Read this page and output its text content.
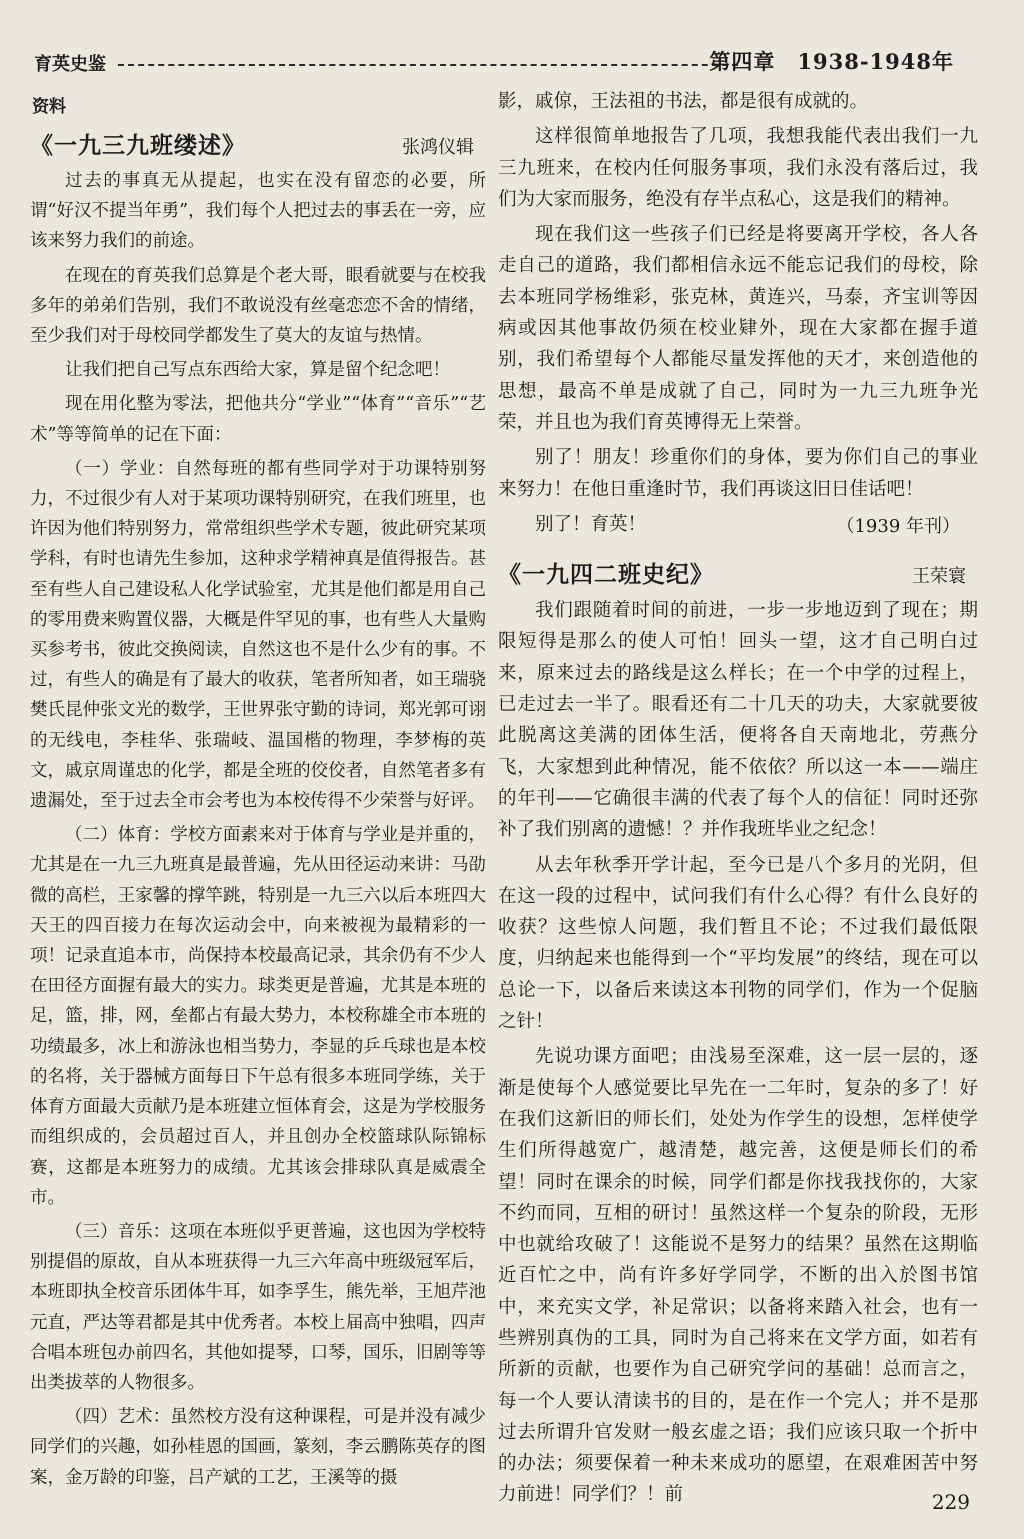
育英史鉴	第四章　1938-1948年
资料
《一九三九班缕述》	张鸿仪辑

过去的事真无从提起，也实在没有留恋的必要，所谓“好汉不提当年勇”，我们每个人把过去的事丢在一旁，应该来努力我们的前途。

在现在的育英我们总算是个老大哥，眼看就要与在校我多年的弟弟们告别，我们不敢说没有丝毫恋恋不舍的情绪，至少我们对于母校同学都发生了莫大的友谊与热情。

让我们把自己写点东西给大家，算是留个纪念吧！

现在用化整为零法，把他共分“学业”“体育”“音乐”“艺术”等等简单的记在下面：

（一）学业：自然每班的都有些同学对于功课特别努力，不过很少有人对于某项功课特别研究，在我们班里，也许因为他们特别努力，常常组织些学术专题，彼此研究某项学科，有时也请先生参加，这种求学精神真是值得报告。甚至有些人自己建设私人化学试验室，尤其是他们都是用自己的零用费来购置仪器，大概是件罕见的事，也有些人大量购买参考书，彼此交换阅读，自然这也不是什么少有的事。不过，有些人的确是有了最大的收获，笔者所知者，如王瑞骁樊氏昆仲张文光的数学，王世界张守勤的诗词，郑光郭可诩的无线电，李桂华、张瑞岐、温国楷的物理，李梦梅的英文，戚京周谨忠的化学，都是全班的佼佼者，自然笔者多有遗漏处，至于过去全市会考也为本校传得不少荣誉与好评。

（二）体育：学校方面素来对于体育与学业是并重的，尤其是在一九三九班真是最普遍，先从田径运动来讲：马劭微的高栏，王家馨的撑竿跳，特别是一九三六以后本班四大天王的四百接力在每次运动会中，向来被视为最精彩的一项！记录直追本市，尚保持本校最高记录，其余仍有不少人在田径方面握有最大的实力。球类更是普遍，尤其是本班的足，篮，排，网，垒都占有最大势力，本校称雄全市本班的功绩最多，冰上和游泳也相当势力，李显的乒乓球也是本校的名将，关于器械方面每日下午总有很多本班同学练，关于体育方面最大贡献乃是本班建立恒体育会，这是为学校服务而组织成的，会员超过百人，并且创办全校篮球队际锦标赛，这都是本班努力的成绩。尤其该会排球队真是威震全市。

（三）音乐：这项在本班似乎更普遍，这也因为学校特别提倡的原故，自从本班获得一九三六年高中班级冠军后，本班即执全校音乐团体牛耳，如李孚生，熊先举，王旭芹池元直，严达等君都是其中优秀者。本校上届高中独唱，四声合唱本班包办前四名，其他如提琴，口琴，国乐，旧剧等等出类拔萃的人物很多。

（四）艺术：虽然校方没有这种课程，可是并没有减少同学们的兴趣，如孙桂恩的国画，篆刻，李云鹏陈英存的图案，金万龄的印鉴，吕产斌的工艺，王溪等的摄

影，戚倞，王法祖的书法，都是很有成就的。

这样很简单地报告了几项，我想我能代表出我们一九三九班来，在校内任何服务事项，我们永没有落后过，我们为大家而服务，绝没有存半点私心，这是我们的精神。

现在我们这一些孩子们已经是将要离开学校，各人各走自己的道路，我们都相信永远不能忘记我们的母校，除去本班同学杨维彩，张克林，黄连兴，马泰，齐宝训等因病或因其他事故仍须在校业肄外，现在大家都在握手道别，我们希望每个人都能尽量发挥他的天才，来创造他的思想，最高不单是成就了自己，同时为一九三九班争光荣，并且也为我们育英博得无上荣誉。

别了！朋友！珍重你们的身体，要为你们自己的事业来努力！在他日重逢时节，我们再谈这旧日佳话吧！

别了！育英！	（1939 年刊）
《一九四二班史纪》	王荣寰

我们跟随着时间的前进，一步一步地迈到了现在；期限短得是那么的使人可怕！回头一望，这才自己明白过来，原来过去的路线是这么样长；在一个中学的过程上，已走过去一半了。眼看还有二十几天的功夫，大家就要彼此脱离这美满的团体生活，便将各自天南地北，劳燕分飞，大家想到此种情况，能不依依？所以这一本——端庄的年刊——它确很丰满的代表了每个人的信征！同时还弥补了我们别离的遗憾！？并作我班毕业之纪念！

从去年秋季开学计起，至今已是八个多月的光阴，但在这一段的过程中，试问我们有什么心得？有什么良好的收获？这些惊人问题，我们暂且不论；不过我们最低限度，归纳起来也能得到一个“平均发展”的终结，现在可以总论一下，以备后来读这本刊物的同学们，作为一个促脑之针！

先说功课方面吧；由浅易至深难，这一层一层的，逐渐是使每个人感觉要比早先在一二年时，复杂的多了！好在我们这新旧的师长们，处处为作学生的设想，怎样使学生们所得越宽广，越清楚，越完善，这便是师长们的希望！同时在课余的时候，同学们都是你找我找你的，大家不约而同，互相的研讨！虽然这样一个复杂的阶段，无形中也就给攻破了！这能说不是努力的结果？虽然在这期临近百忙之中，尚有许多好学同学，不断的出入於图书馆中，来充实文学，补足常识；以备将来踏入社会，也有一些辨别真伪的工具，同时为自己将来在文学方面，如若有所新的贡献，也要作为自己研究学问的基础！总而言之，每一个人要认清读书的目的，是在作一个完人；并不是那过去所谓升官发财一般玄虚之语；我们应该只取一个折中的办法；须要保着一种未来成功的愿望，在艰难困苦中努力前进！同学们？！前	229
